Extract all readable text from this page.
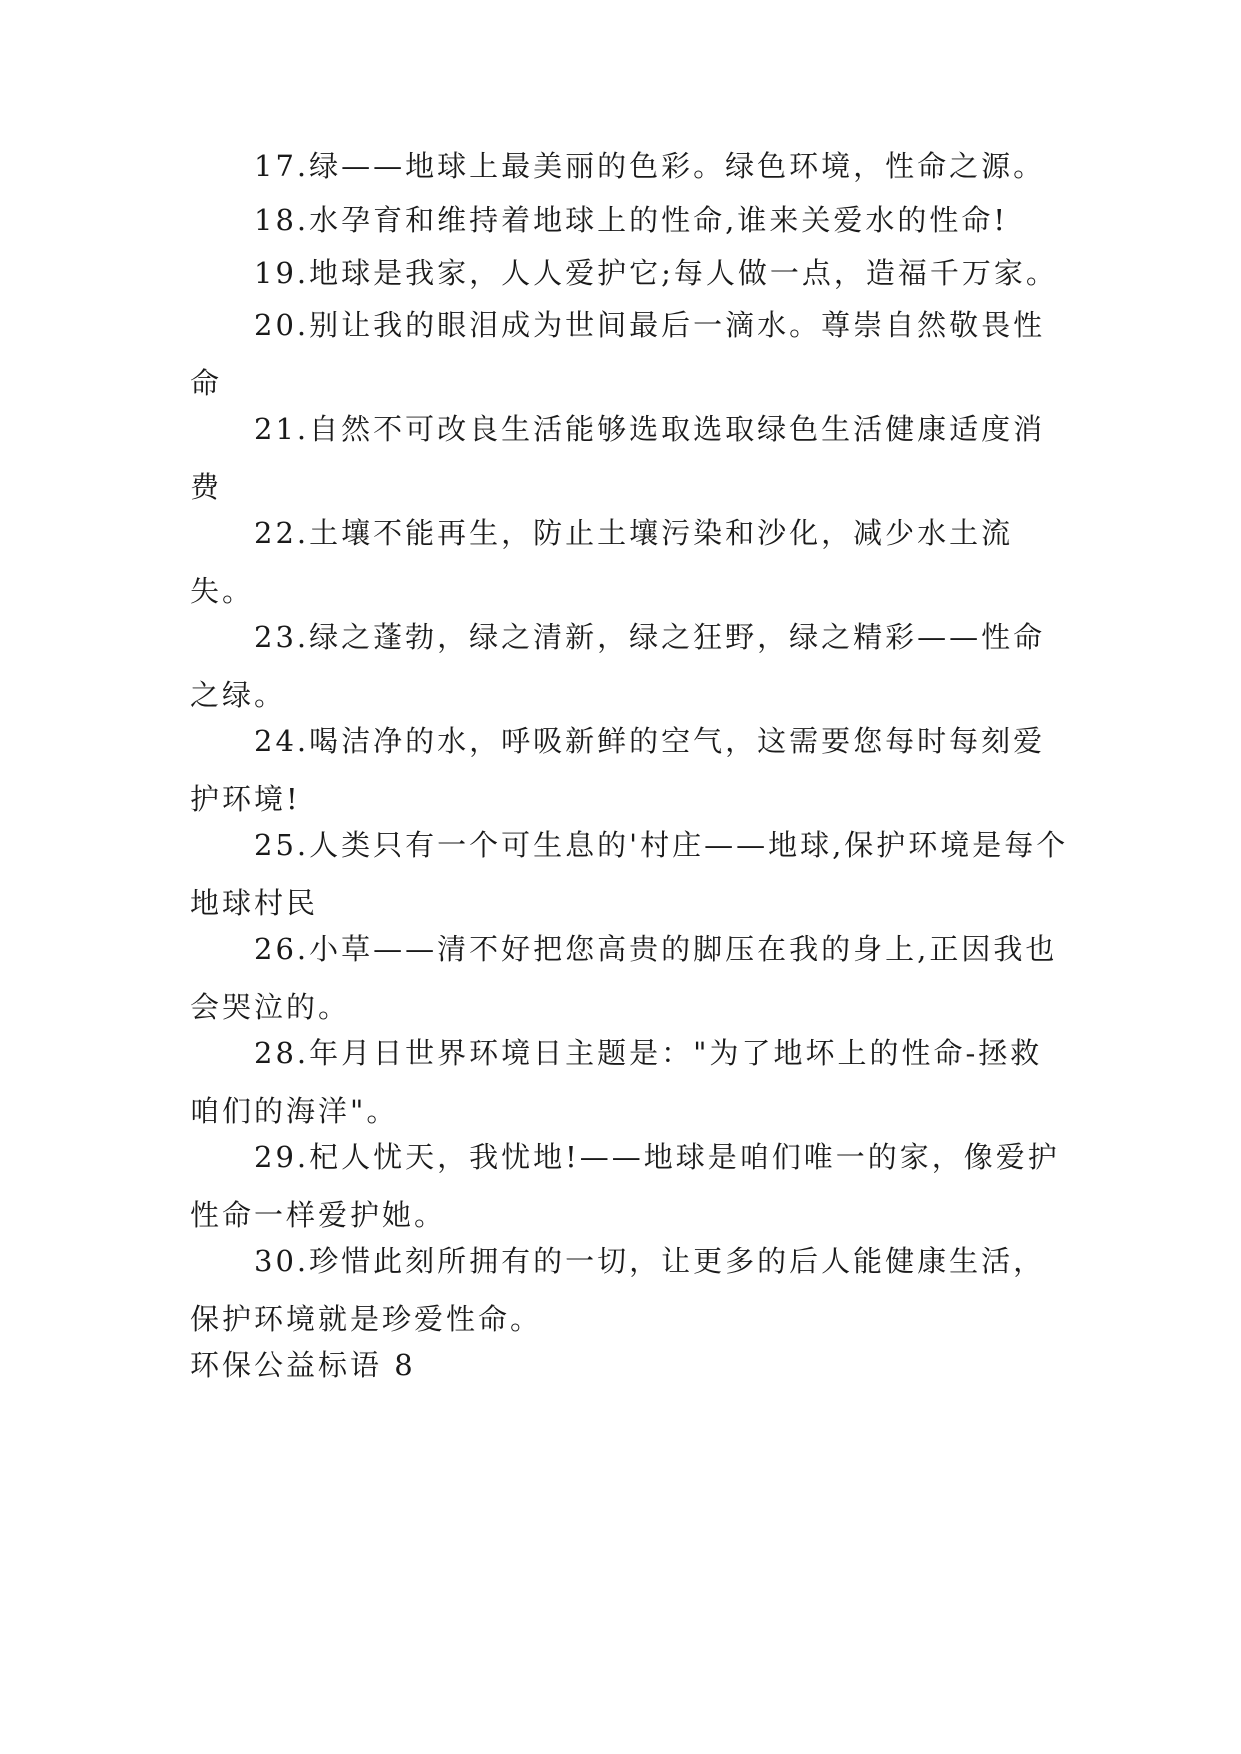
17.绿——地球上最美丽的色彩。绿色环境，性命之源。

18.水孕育和维持着地球上的性命,谁来关爱水的性命!

19.地球是我家，人人爱护它;每人做一点，造福千万家。

20.别让我的眼泪成为世间最后一滴水。尊崇自然敬畏性命

21.自然不可改良生活能够选取选取绿色生活健康适度消费

22.土壤不能再生，防止土壤污染和沙化，减少水土流失。

23.绿之蓬勃，绿之清新，绿之狂野，绿之精彩——性命之绿。

24.喝洁净的水，呼吸新鲜的空气，这需要您每时每刻爱护环境!

25.人类只有一个可生息的'村庄——地球,保护环境是每个地球村民

26.小草——清不好把您高贵的脚压在我的身上,正因我也会哭泣的。

28.年月日世界环境日主题是："为了地坏上的性命-拯救咱们的海洋"。

29.杞人忧天，我忧地!——地球是咱们唯一的家，像爱护性命一样爱护她。

30.珍惜此刻所拥有的一切，让更多的后人能健康生活，保护环境就是珍爱性命。

环保公益标语 8
